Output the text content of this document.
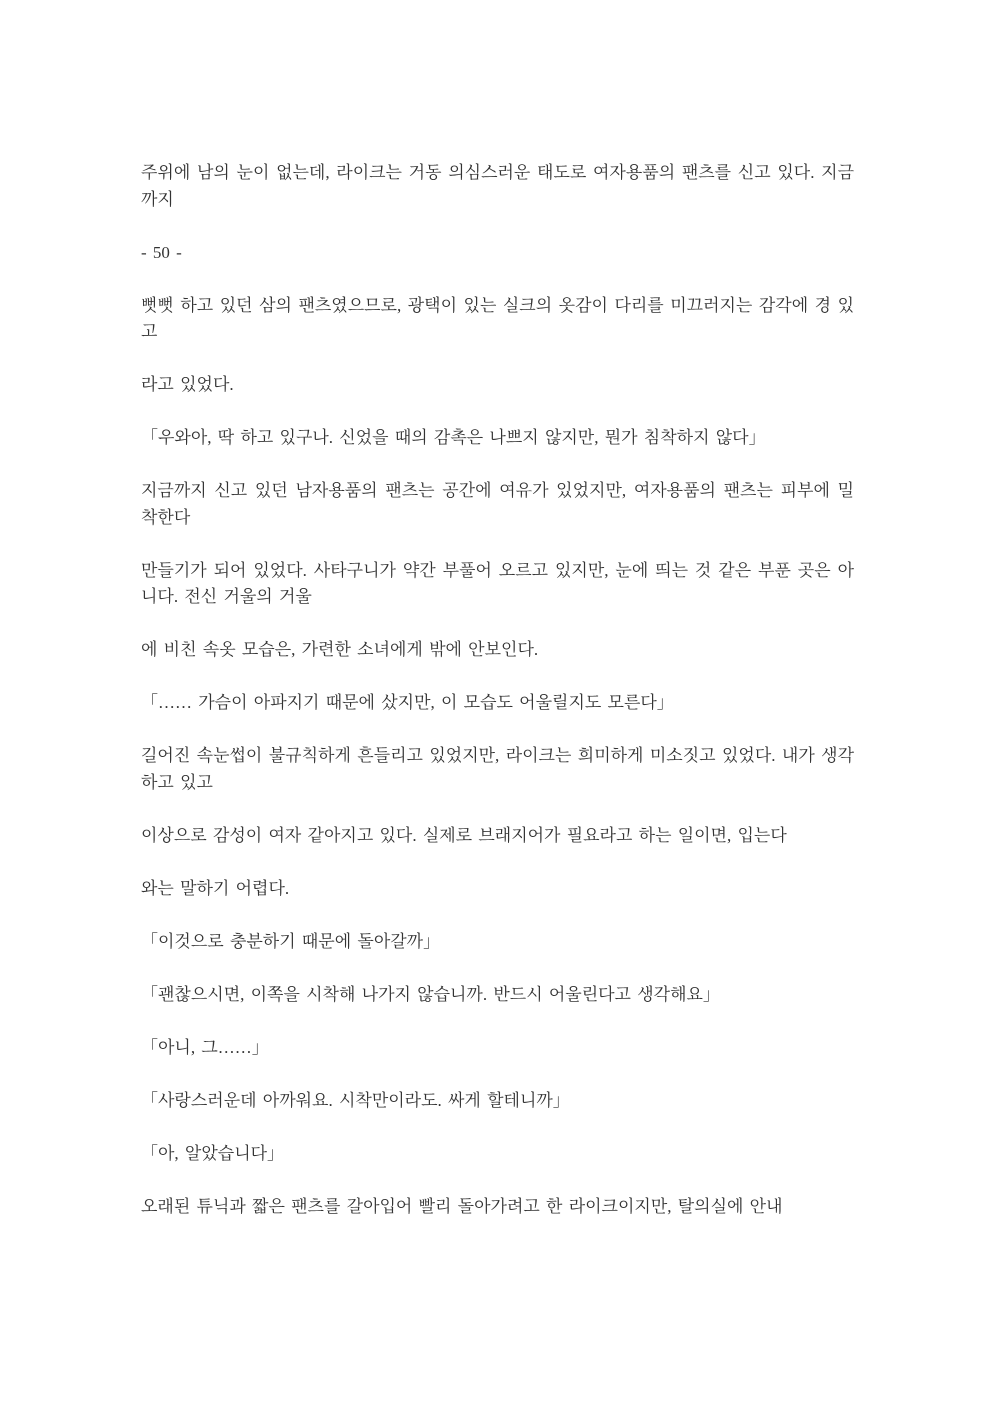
주위에 남의 눈이 없는데, 라이크는 거동 의심스러운 태도로 여자용품의 팬츠를 신고 있다. 지금까지

- 50 -

뻣뻣 하고 있던 삼의 팬츠였으므로, 광택이 있는 실크의 옷감이 다리를 미끄러지는 감각에 경 있고

라고 있었다.

「우와아, 딱 하고 있구나. 신었을 때의 감촉은 나쁘지 않지만, 뭔가 침착하지 않다」

지금까지 신고 있던 남자용품의 팬츠는 공간에 여유가 있었지만, 여자용품의 팬츠는 피부에 밀착한다

만들기가 되어 있었다. 사타구니가 약간 부풀어 오르고 있지만, 눈에 띄는 것 같은 부푼 곳은 아니다. 전신 거울의 거울

에 비친 속옷 모습은, 가련한 소녀에게 밖에 안보인다.

「…… 가슴이 아파지기 때문에 샀지만, 이 모습도 어울릴지도 모른다」

길어진 속눈썹이 불규칙하게 흔들리고 있었지만, 라이크는 희미하게 미소짓고 있었다. 내가 생각하고 있고

이상으로 감성이 여자 같아지고 있다. 실제로 브래지어가 필요라고 하는 일이면, 입는다

와는 말하기 어렵다.

「이것으로 충분하기 때문에 돌아갈까」

「괜찮으시면, 이쪽을 시착해 나가지 않습니까. 반드시 어울린다고 생각해요」

「아니, 그……」

「사랑스러운데 아까워요. 시착만이라도. 싸게 할테니까」

「아, 알았습니다」

오래된 튜닉과 짧은 팬츠를 갈아입어 빨리 돌아가려고 한 라이크이지만, 탈의실에 안내
